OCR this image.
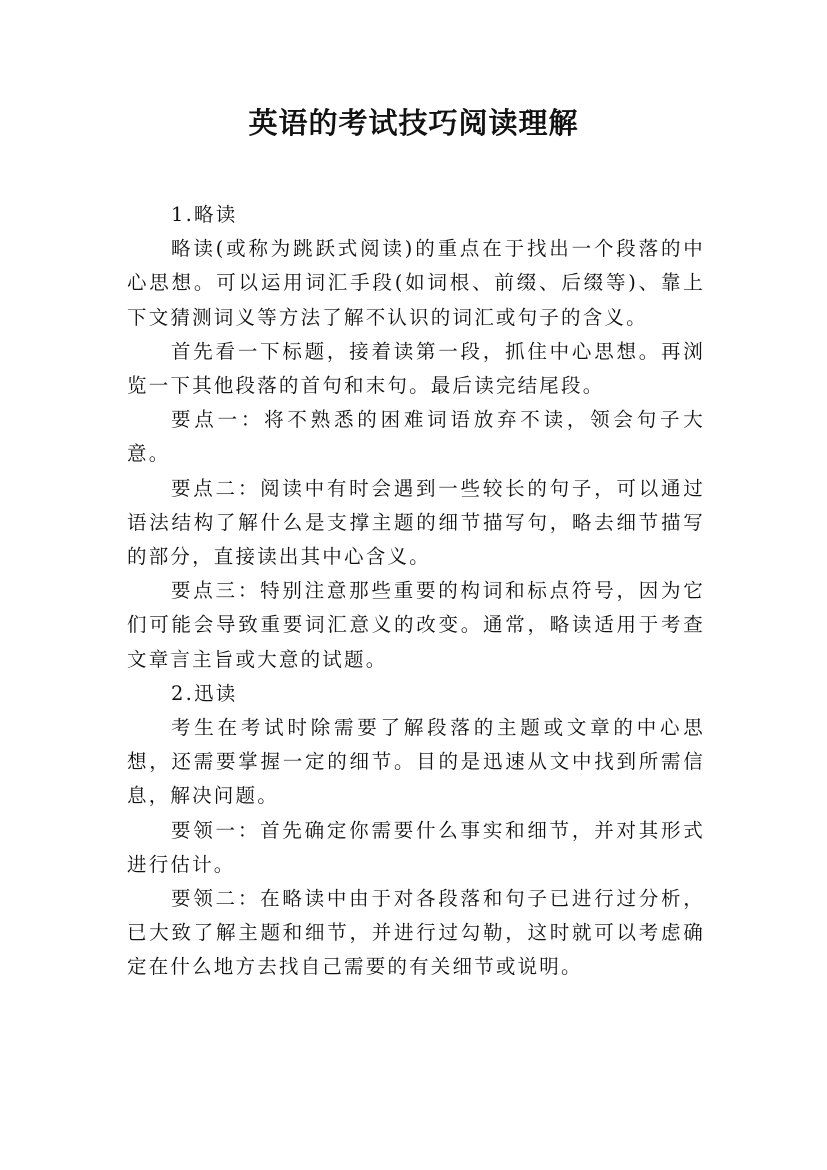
英语的考试技巧阅读理解

1.略读

略读(或称为跳跃式阅读)的重点在于找出一个段落的中心思想。可以运用词汇手段(如词根、前缀、后缀等)、靠上下文猜测词义等方法了解不认识的词汇或句子的含义。

首先看一下标题，接着读第一段，抓住中心思想。再浏览一下其他段落的首句和末句。最后读完结尾段。

要点一：将不熟悉的困难词语放弃不读，领会句子大意。

要点二：阅读中有时会遇到一些较长的句子，可以通过语法结构了解什么是支撑主题的细节描写句，略去细节描写的部分，直接读出其中心含义。

要点三：特别注意那些重要的构词和标点符号，因为它们可能会导致重要词汇意义的改变。通常，略读适用于考查文章言主旨或大意的试题。

2.迅读

考生在考试时除需要了解段落的主题或文章的中心思想，还需要掌握一定的细节。目的是迅速从文中找到所需信息，解决问题。

要领一：首先确定你需要什么事实和细节，并对其形式进行估计。

要领二：在略读中由于对各段落和句子已进行过分析，已大致了解主题和细节，并进行过勾勒，这时就可以考虑确定在什么地方去找自己需要的有关细节或说明。
